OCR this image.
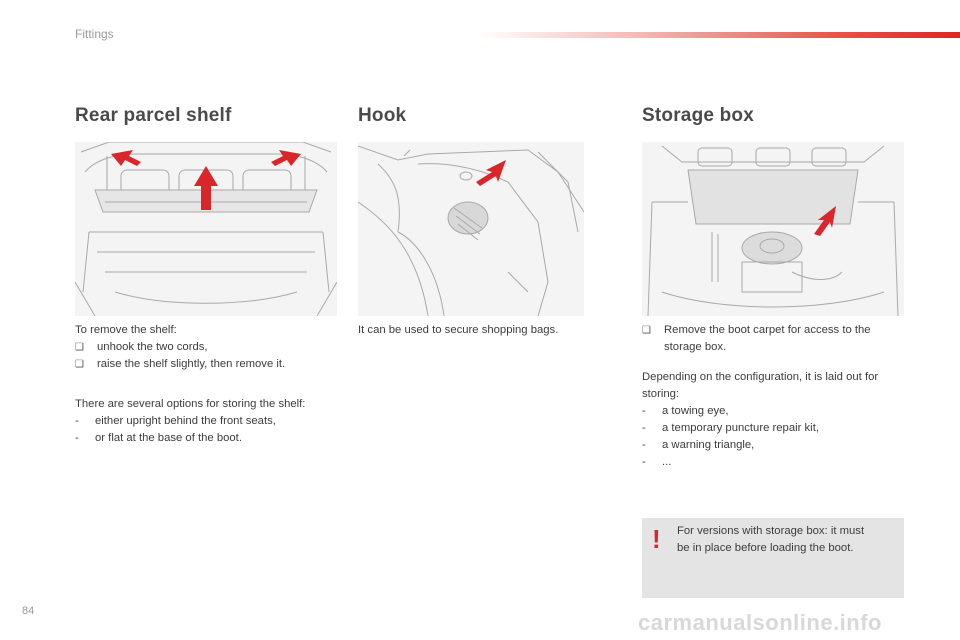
Fittings
Rear parcel shelf
To remove the shelf:
❑ unhook the two cords,
❑ raise the shelf slightly, then remove it.
There are several options for storing the shelf:
- either upright behind the front seats,
- or flat at the base of the boot.
Hook
It can be used to secure shopping bags.
Storage box
❑ Remove the boot carpet for access to the
storage box.
Depending on the configuration, it is laid out for
storing:
- a towing eye,
- a temporary puncture repair kit,
- a warning triangle,
- ...
! For versions with storage box: it must
be in place before loading the boot.
84	carmanualsonline.info
